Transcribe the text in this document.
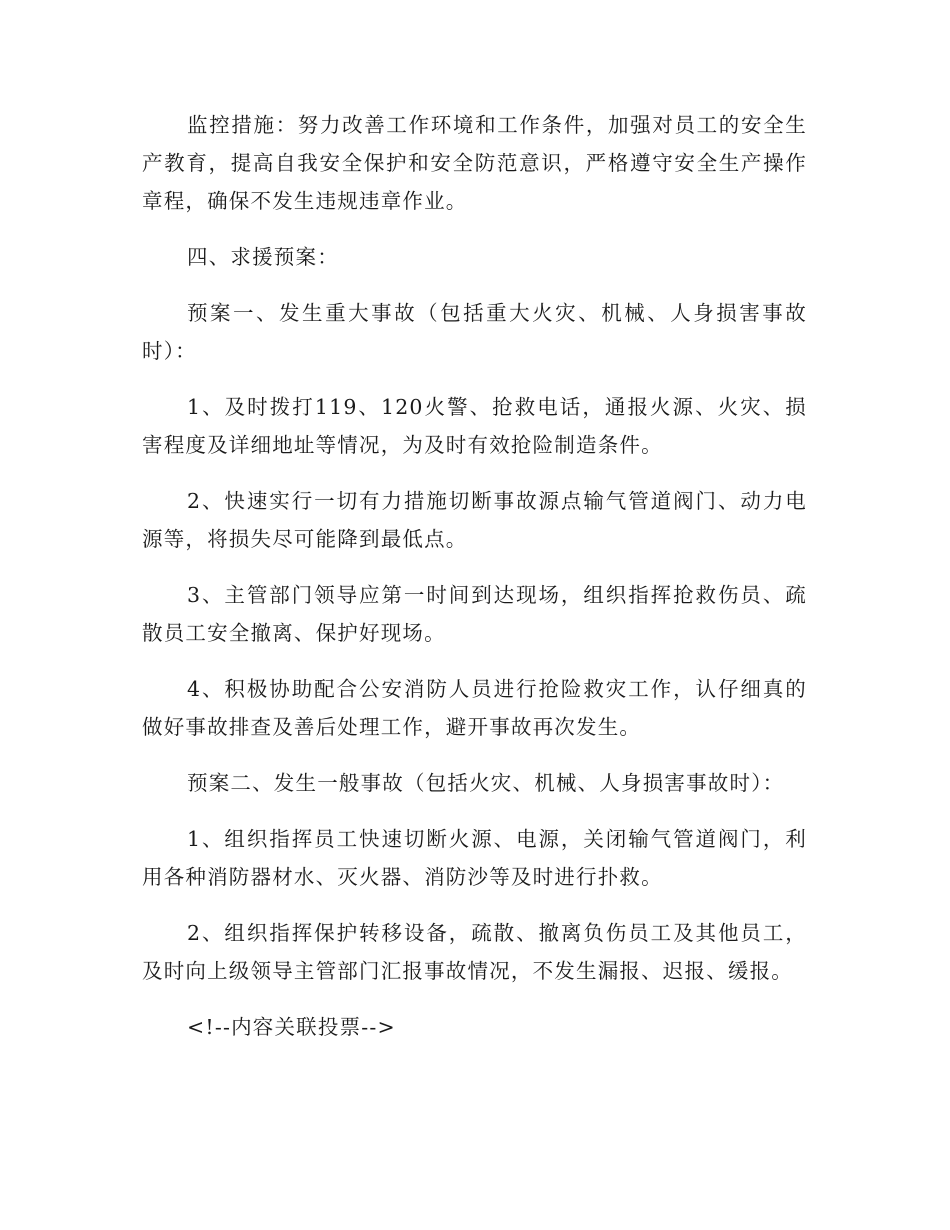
监控措施：努力改善工作环境和工作条件，加强对员工的安全生产教育，提高自我安全保护和安全防范意识，严格遵守安全生产操作章程，确保不发生违规违章作业。

四、求援预案：

预案一、发生重大事故（包括重大火灾、机械、人身损害事故时）：

1、及时拨打119、120火警、抢救电话，通报火源、火灾、损害程度及详细地址等情况，为及时有效抢险制造条件。

2、快速实行一切有力措施切断事故源点输气管道阀门、动力电源等，将损失尽可能降到最低点。

3、主管部门领导应第一时间到达现场，组织指挥抢救伤员、疏散员工安全撤离、保护好现场。

4、积极协助配合公安消防人员进行抢险救灾工作，认仔细真的做好事故排查及善后处理工作，避开事故再次发生。

预案二、发生一般事故（包括火灾、机械、人身损害事故时）：

1、组织指挥员工快速切断火源、电源，关闭输气管道阀门，利用各种消防器材水、灭火器、消防沙等及时进行扑救。

2、组织指挥保护转移设备，疏散、撤离负伤员工及其他员工，及时向上级领导主管部门汇报事故情况，不发生漏报、迟报、缓报。

<!--内容关联投票-->
